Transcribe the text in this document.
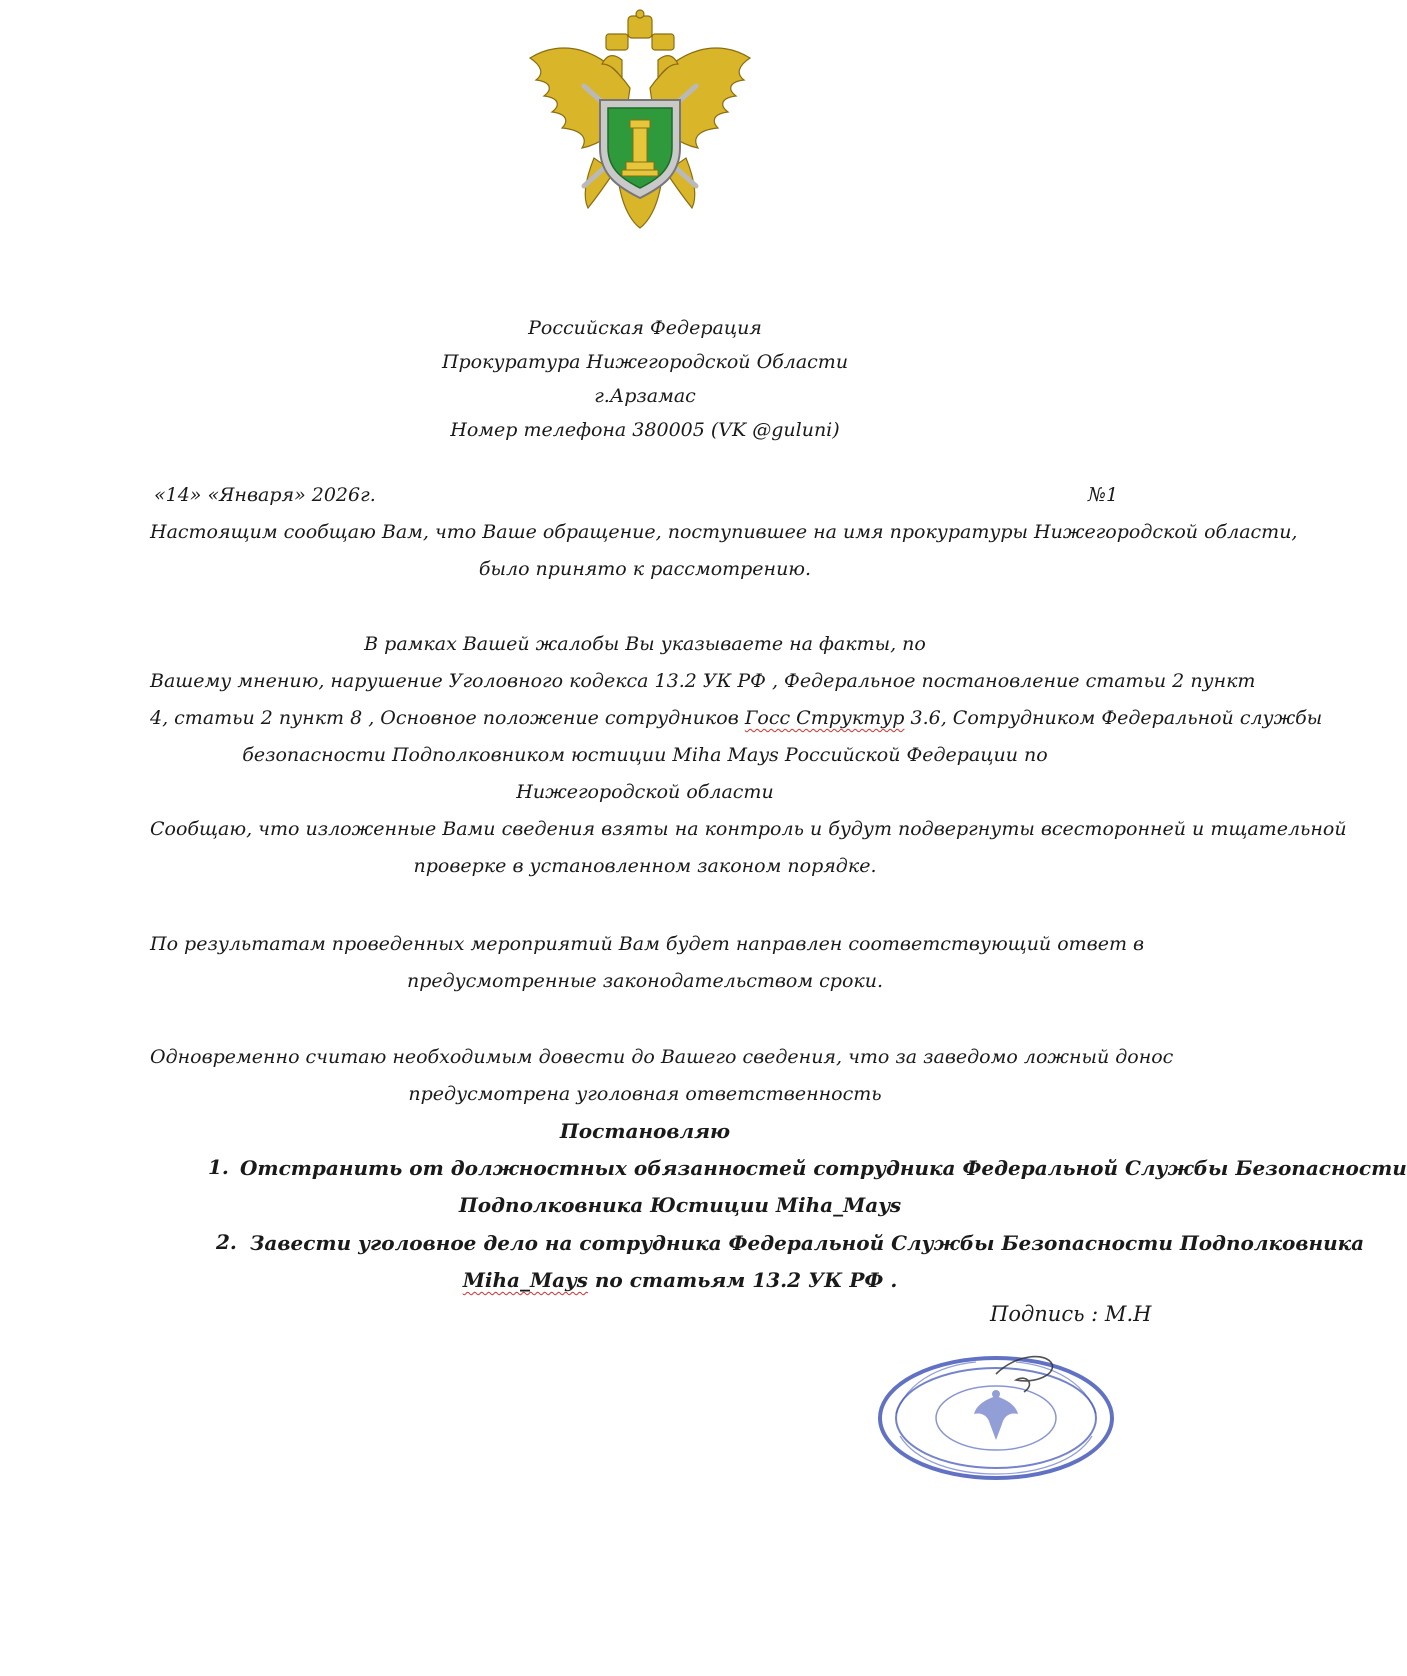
Российская Федерация
Прокуратура Нижегородской Области
г.Арзамас
Номер телефона 380005 (VK @guluni)
«14» «Января» 2026г.	№1
Настоящим сообщаю Вам, что Ваше обращение, поступившее на имя прокуратуры Нижегородской области,
было принято к рассмотрению.
В рамках Вашей жалобы Вы указываете на факты, по
Вашему мнению, нарушение Уголовного кодекса 13.2 УК РФ , Федеральное постановление статьи 2 пункт
4, статьи 2 пункт 8 , Основное положение сотрудников Госс Структур 3.6, Сотрудником Федеральной службы
безопасности Подполковником юстиции Miha Mays Российской Федерации по
Нижегородской области
Сообщаю, что изложенные Вами сведения взяты на контроль и будут подвергнуты всесторонней и тщательной
проверке в установленном законом порядке.
По результатам проведенных мероприятий Вам будет направлен соответствующий ответ в
предусмотренные законодательством сроки.
Одновременно считаю необходимым довести до Вашего сведения, что за заведомо ложный донос
предусмотрена уголовная ответственность
Постановляю
1. Отстранить от должностных обязанностей сотрудника Федеральной Службы Безопасности
Подполковника Юстиции Miha_Mays
2. Завести уголовное дело на сотрудника Федеральной Службы Безопасности Подполковника
Miha_Mays по статьям 13.2 УК РФ .
Подпись : М.Н
